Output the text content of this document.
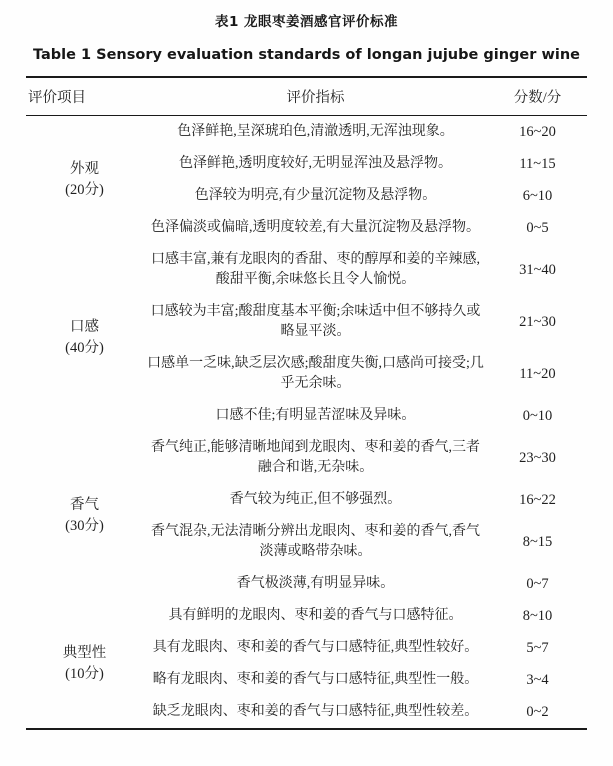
表1 龙眼枣姜酒感官评价标准
Table 1 Sensory evaluation standards of longan jujube ginger wine
评价项目	评价指标	分数/分

外观
(20分)	色泽鲜艳,呈深琥珀色,清澈透明,无浑浊现象。	16~20
	色泽鲜艳,透明度较好,无明显浑浊及悬浮物。	11~15
	色泽较为明亮,有少量沉淀物及悬浮物。	6~10
	色泽偏淡或偏暗,透明度较差,有大量沉淀物及悬浮物。	0~5

口感
(40分)	口感丰富,兼有龙眼肉的香甜、枣的醇厚和姜的辛辣感,酸甜平衡,余味悠长且令人愉悦。	31~40
	口感较为丰富;酸甜度基本平衡;余味适中但不够持久或略显平淡。	21~30
	口感单一乏味,缺乏层次感;酸甜度失衡,口感尚可接受;几乎无余味。	11~20
	口感不佳;有明显苦涩味及异味。	0~10

香气
(30分)	香气纯正,能够清晰地闻到龙眼肉、枣和姜的香气,三者融合和谐,无杂味。	23~30
	香气较为纯正,但不够强烈。	16~22
	香气混杂,无法清晰分辨出龙眼肉、枣和姜的香气,香气淡薄或略带杂味。	8~15
	香气极淡薄,有明显异味。	0~7

典型性
(10分)	具有鲜明的龙眼肉、枣和姜的香气与口感特征。	8~10
	具有龙眼肉、枣和姜的香气与口感特征,典型性较好。	5~7
	略有龙眼肉、枣和姜的香气与口感特征,典型性一般。	3~4
	缺乏龙眼肉、枣和姜的香气与口感特征,典型性较差。	0~2
